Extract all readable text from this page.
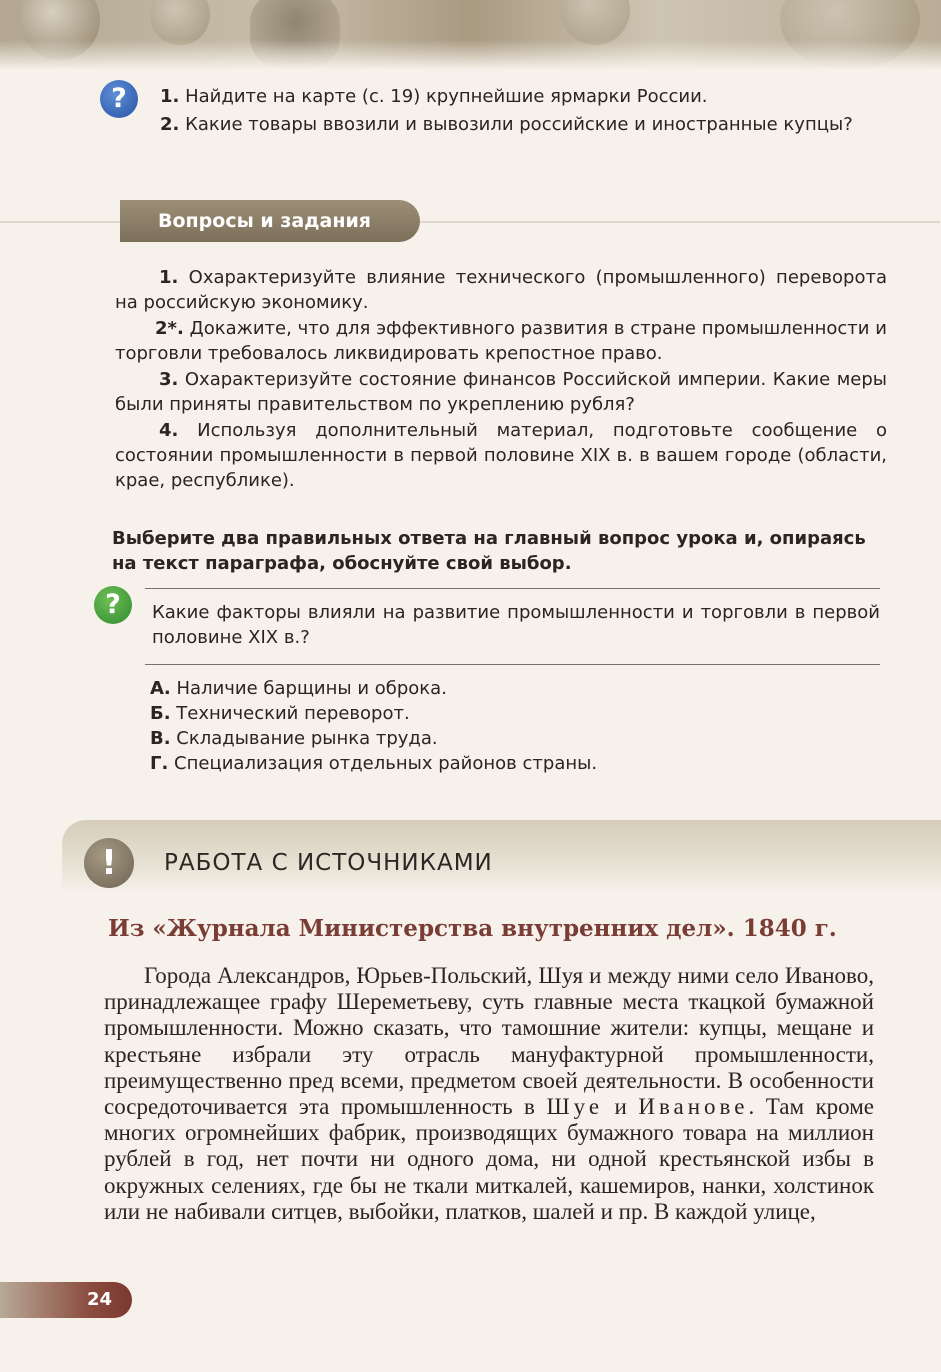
?	1. Найдите на карте (с. 19) крупнейшие ярмарки России.
2. Какие товары ввозили и вывозили российские и иностранные купцы?
Вопросы и задания
1. Охарактеризуйте влияние технического (промышленного) переворота на российскую экономику.
2*. Докажите, что для эффективного развития в стране промышленности и торговли требовалось ликвидировать крепостное право.
3. Охарактеризуйте состояние финансов Российской империи. Какие меры были приняты правительством по укреплению рубля?
4. Используя дополнительный материал, подготовьте сообщение о состоянии промышленности в первой половине XIX в. в вашем городе (области, крае, республике).
Выберите два правильных ответа на главный вопрос урока и, опираясь на текст параграфа, обоснуйте свой выбор.
?	Какие факторы влияли на развитие промышленности и торговли в первой половине XIX в.?
А. Наличие барщины и оброка.
Б. Технический переворот.
В. Складывание рынка труда.
Г. Специализация отдельных районов страны.
!	РАБОТА С ИСТОЧНИКАМИ
Из «Журнала Министерства внутренних дел». 1840 г.
Города Александров, Юрьев-Польский, Шуя и между ними село Иваново, принадлежащее графу Шереметьеву, суть главные места ткацкой бумажной промышленности. Можно сказать, что тамошние жители: купцы, мещане и крестьяне избрали эту отрасль мануфактурной промышленности, преимущественно пред всеми, предметом своей деятельности. В особенности сосредоточивается эта промышленность в Шуе и Иванове. Там кроме многих огромнейших фабрик, производящих бумажного товара на миллион рублей в год, нет почти ни одного дома, ни одной крестьянской избы в окружных селениях, где бы не ткали миткалей, кашемиров, нанки, холстинок или не набивали ситцев, выбойки, платков, шалей и пр. В каждой улице,
24
